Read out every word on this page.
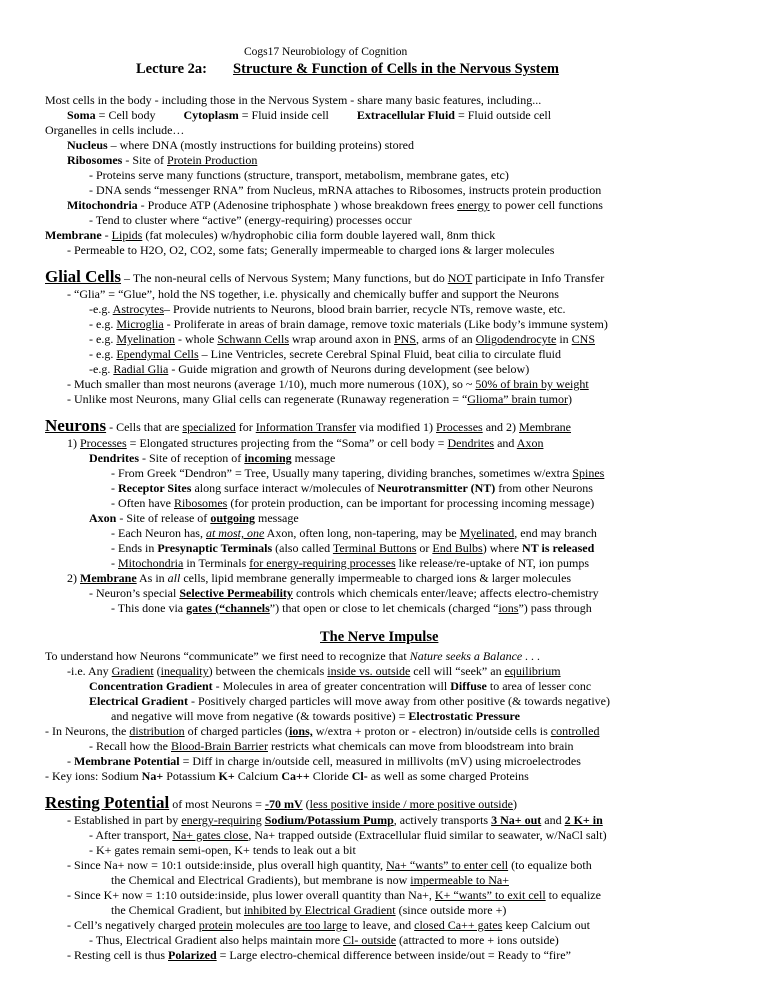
Cogs17 Neurobiology of Cognition
Lecture 2a: Structure & Function of Cells in the Nervous System
Most cells in the body - including those in the Nervous System - share many basic features, including...
Soma = Cell body Cytoplasm = Fluid inside cell Extracellular Fluid = Fluid outside cell
Organelles in cells include…
Nucleus – where DNA (mostly instructions for building proteins) stored
Ribosomes - Site of Protein Production
- Proteins serve many functions (structure, transport, metabolism, membrane gates, etc)
- DNA sends “messenger RNA” from Nucleus, mRNA attaches to Ribosomes, instructs protein production
Mitochondria - Produce ATP (Adenosine triphosphate ) whose breakdown frees energy to power cell functions
- Tend to cluster where “active” (energy-requiring) processes occur
Membrane - Lipids (fat molecules) w/hydrophobic cilia form double layered wall, 8nm thick
- Permeable to H2O, O2, CO2, some fats; Generally impermeable to charged ions & larger molecules
Glial Cells – The non-neural cells of Nervous System; Many functions, but do NOT participate in Info Transfer
- “Glia” = “Glue”, hold the NS together, i.e. physically and chemically buffer and support the Neurons
-e.g. Astrocytes– Provide nutrients to Neurons, blood brain barrier, recycle NTs, remove waste, etc.
- e.g. Microglia - Proliferate in areas of brain damage, remove toxic materials (Like body’s immune system)
- e.g. Myelination - whole Schwann Cells wrap around axon in PNS, arms of an Oligodendrocyte in CNS
- e.g. Ependymal Cells – Line Ventricles, secrete Cerebral Spinal Fluid, beat cilia to circulate fluid
-e.g. Radial Glia - Guide migration and growth of Neurons during development (see below)
- Much smaller than most neurons (average 1/10), much more numerous (10X), so ~ 50% of brain by weight
- Unlike most Neurons, many Glial cells can regenerate (Runaway regeneration = “Glioma” brain tumor)
Neurons - Cells that are specialized for Information Transfer via modified 1) Processes and 2) Membrane
1) Processes = Elongated structures projecting from the “Soma” or cell body = Dendrites and Axon
Dendrites - Site of reception of incoming message
- From Greek “Dendron” = Tree, Usually many tapering, dividing branches, sometimes w/extra Spines
- Receptor Sites along surface interact w/molecules of Neurotransmitter (NT) from other Neurons
- Often have Ribosomes (for protein production, can be important for processing incoming message)
Axon - Site of release of outgoing message
- Each Neuron has, at most, one Axon, often long, non-tapering, may be Myelinated, end may branch
- Ends in Presynaptic Terminals (also called Terminal Buttons or End Bulbs) where NT is released
- Mitochondria in Terminals for energy-requiring processes like release/re-uptake of NT, ion pumps
2) Membrane As in all cells, lipid membrane generally impermeable to charged ions & larger molecules
- Neuron’s special Selective Permeability controls which chemicals enter/leave; affects electro-chemistry
- This done via gates (“channels”) that open or close to let chemicals (charged “ions”) pass through
The Nerve Impulse
To understand how Neurons “communicate” we first need to recognize that Nature seeks a Balance . . .
-i.e. Any Gradient (inequality) between the chemicals inside vs. outside cell will “seek” an equilibrium
Concentration Gradient - Molecules in area of greater concentration will Diffuse to area of lesser conc
Electrical Gradient - Positively charged particles will move away from other positive (& towards negative)
and negative will move from negative (& towards positive) = Electrostatic Pressure
- In Neurons, the distribution of charged particles (ions, w/extra + proton or - electron) in/outside cells is controlled
- Recall how the Blood-Brain Barrier restricts what chemicals can move from bloodstream into brain
- Membrane Potential = Diff in charge in/outside cell, measured in millivolts (mV) using microelectrodes
- Key ions: Sodium Na+ Potassium K+ Calcium Ca++ Cloride Cl- as well as some charged Proteins
Resting Potential of most Neurons = -70 mV (less positive inside / more positive outside)
- Established in part by energy-requiring Sodium/Potassium Pump, actively transports 3 Na+ out and 2 K+ in
- After transport, Na+ gates close, Na+ trapped outside (Extracellular fluid similar to seawater, w/NaCl salt)
- K+ gates remain semi-open, K+ tends to leak out a bit
- Since Na+ now = 10:1 outside:inside, plus overall high quantity, Na+ “wants” to enter cell (to equalize both
the Chemical and Electrical Gradients), but membrane is now impermeable to Na+
- Since K+ now = 1:10 outside:inside, plus lower overall quantity than Na+, K+ “wants” to exit cell to equalize
the Chemical Gradient, but inhibited by Electrical Gradient (since outside more +)
- Cell’s negatively charged protein molecules are too large to leave, and closed Ca++ gates keep Calcium out
- Thus, Electrical Gradient also helps maintain more Cl- outside (attracted to more + ions outside)
- Resting cell is thus Polarized = Large electro-chemical difference between inside/out = Ready to “fire”
